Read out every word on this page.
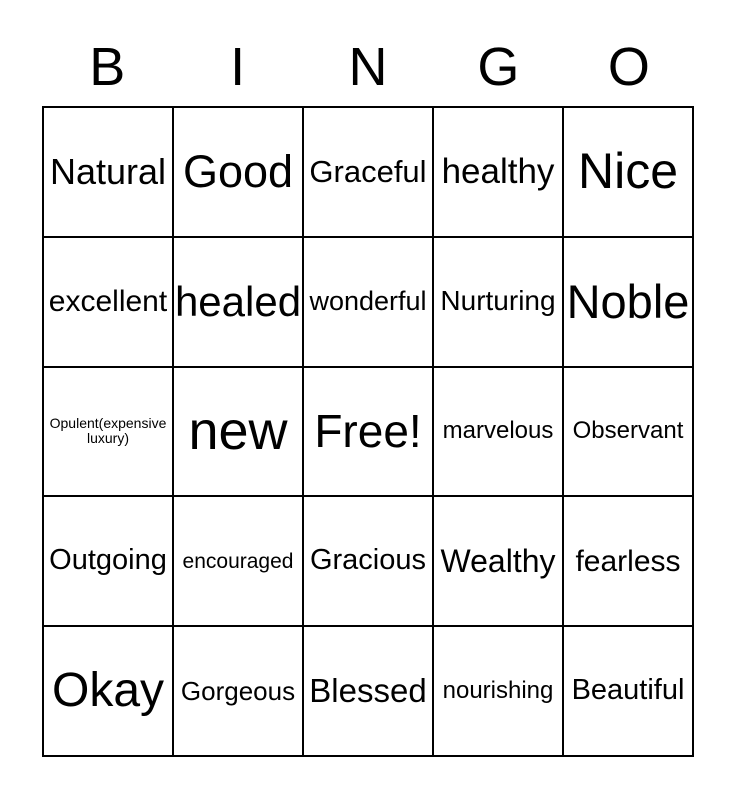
B	I	N	G	O
Natural Good Graceful healthy Nice
excellent healed wonderful Nurturing Noble
Opulent(expensive luxury)	new Free! marvelous Observant
Outgoing encouraged Gracious Wealthy fearless
Okay Gorgeous Blessed nourishing Beautiful
